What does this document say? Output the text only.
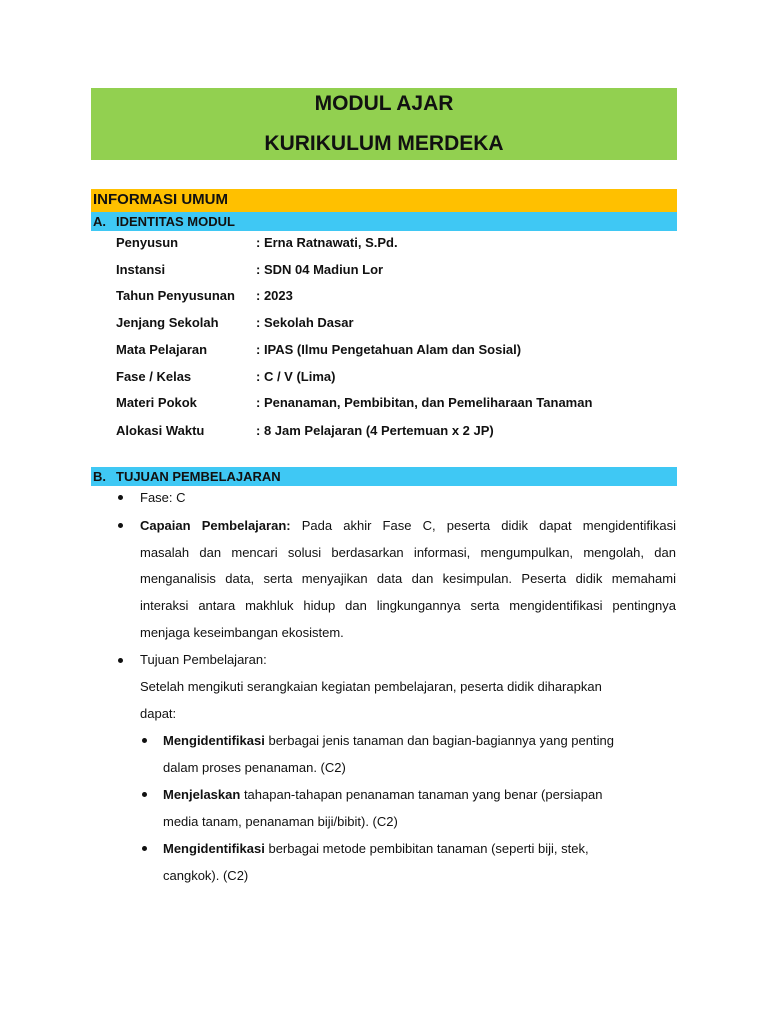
MODUL AJAR
KURIKULUM MERDEKA
INFORMASI UMUM
A. IDENTITAS MODUL
Penyusun	: Erna Ratnawati, S.Pd.
Instansi	: SDN 04 Madiun Lor
Tahun Penyusunan : 2023
Jenjang Sekolah	: Sekolah Dasar
Mata Pelajaran	: IPAS (Ilmu Pengetahuan Alam dan Sosial)
Fase / Kelas	: C / V (Lima)
Materi Pokok	: Penanaman, Pembibitan, dan Pemeliharaan Tanaman
Alokasi Waktu	: 8 Jam Pelajaran (4 Pertemuan x 2 JP)
B. TUJUAN PEMBELAJARAN
Fase: C
Capaian Pembelajaran: Pada akhir Fase C, peserta didik dapat mengidentifikasi
masalah dan mencari solusi berdasarkan informasi, mengumpulkan, mengolah, dan
menganalisis data, serta menyajikan data dan kesimpulan. Peserta didik memahami
interaksi antara makhluk hidup dan lingkungannya serta mengidentifikasi pentingnya
menjaga keseimbangan ekosistem.
Tujuan Pembelajaran:
Setelah mengikuti serangkaian kegiatan pembelajaran, peserta didik diharapkan
dapat:
Mengidentifikasi berbagai jenis tanaman dan bagian-bagiannya yang penting
dalam proses penanaman. (C2)
Menjelaskan tahapan-tahapan penanaman tanaman yang benar (persiapan
media tanam, penanaman biji/bibit). (C2)
Mengidentifikasi berbagai metode pembibitan tanaman (seperti biji, stek,
cangkok). (C2)
